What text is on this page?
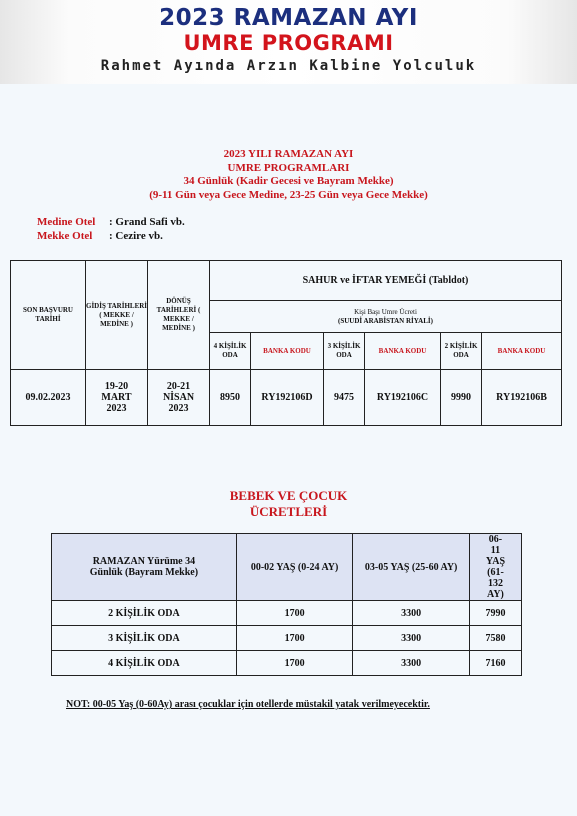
2023 RAMAZAN AYI
UMRE PROGRAMI
Rahmet Ayında Arzın Kalbine Yolculuk
2023 YILI RAMAZAN AYI
UMRE PROGRAMLARI
34 Günlük (Kadir Gecesi ve Bayram Mekke)
(9-11 Gün veya Gece Medine, 23-25 Gün veya Gece Mekke)
Medine Otel : Grand Safi vb.
Mekke Otel : Cezire vb.
SON BAŞVURU TARİHİ	GİDİŞ TARİHLERİ ( MEKKE / MEDİNE )	DÖNÜŞ TARİHLERİ ( MEKKE / MEDİNE )	SAHUR ve İFTAR YEMEĞİ (Tabldot)					

			Kişi Başı Umre Ücreti
(SUUDİ ARABİSTAN RİYALİ)					

			4 KİŞİLİK ODA	BANKA KODU	3 KİŞİLİK ODA	BANKA KODU	2 KİŞİLİK ODA	BANKA KODU
09.02.2023	19-20 MART 2023	20-21 NİSAN 2023	8950	RY192106D	9475	RY192106C	9990	RY192106B
BEBEK VE ÇOCUK
ÜCRETLERİ
RAMAZAN Yürüme 34 Günlük (Bayram Mekke)	00-02 YAŞ (0-24 AY)	03-05 YAŞ (25-60 AY)	06-11 YAŞ (61-132 AY)
2 KİŞİLİK ODA	1700	3300	7990
3 KİŞİLİK ODA	1700	3300	7580
4 KİŞİLİK ODA	1700	3300	7160
NOT: 00-05 Yaş (0-60Ay) arası çocuklar için otellerde müstakil yatak verilmeyecektir.
